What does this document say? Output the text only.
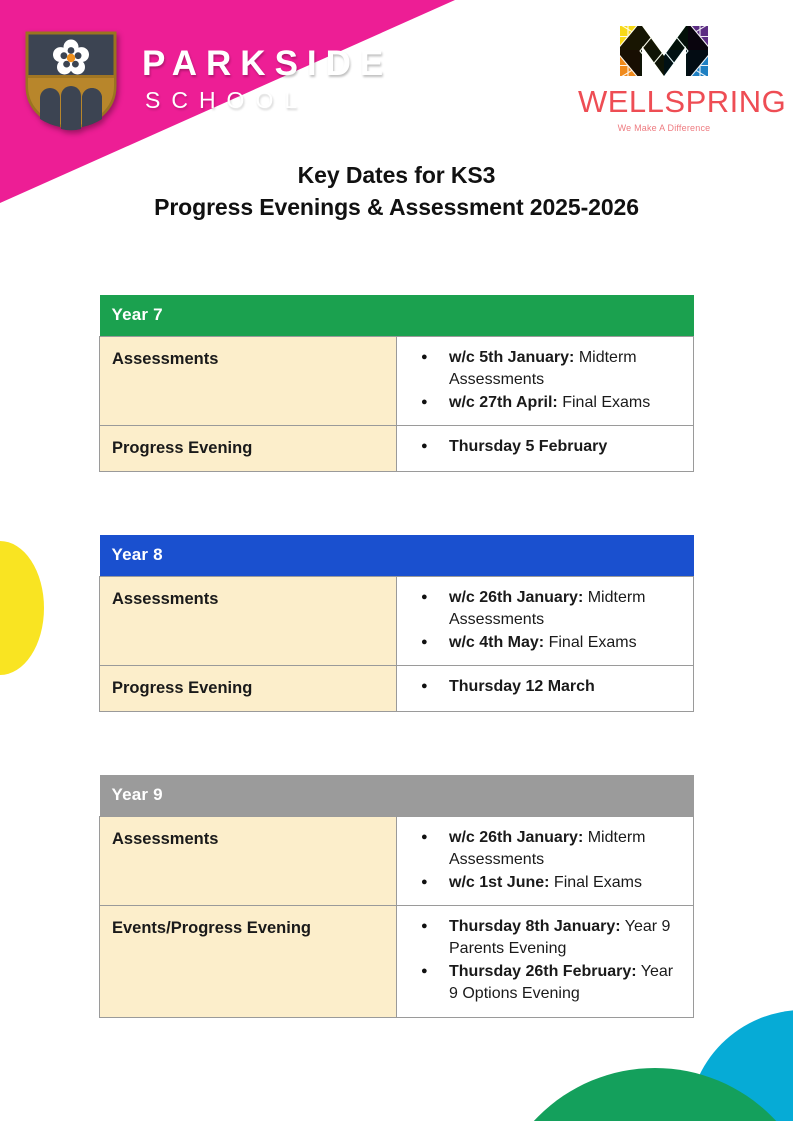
PARKSIDE
SCHOOL	WELLSPRING
We Make A Difference
Key Dates for KS3
Progress Evenings & Assessment 2025-2026
Year 7	
Assessments	
●w/c 5th January: Midterm Assessments
● w/c 27th April: Final Exams

Progress Evening	
●Thursday 5 February
Year 8	
Assessments	
●w/c 26th January: Midterm Assessments
● w/c 4th May: Final Exams

Progress Evening	
●Thursday 12 March
Year 9	
Assessments	
●w/c 26th January: Midterm Assessments
● w/c 1st June: Final Exams

Events/Progress Evening	
●Thursday 8th January: Year 9 Parents Evening
● Thursday 26th February: Year 9 Options Evening
